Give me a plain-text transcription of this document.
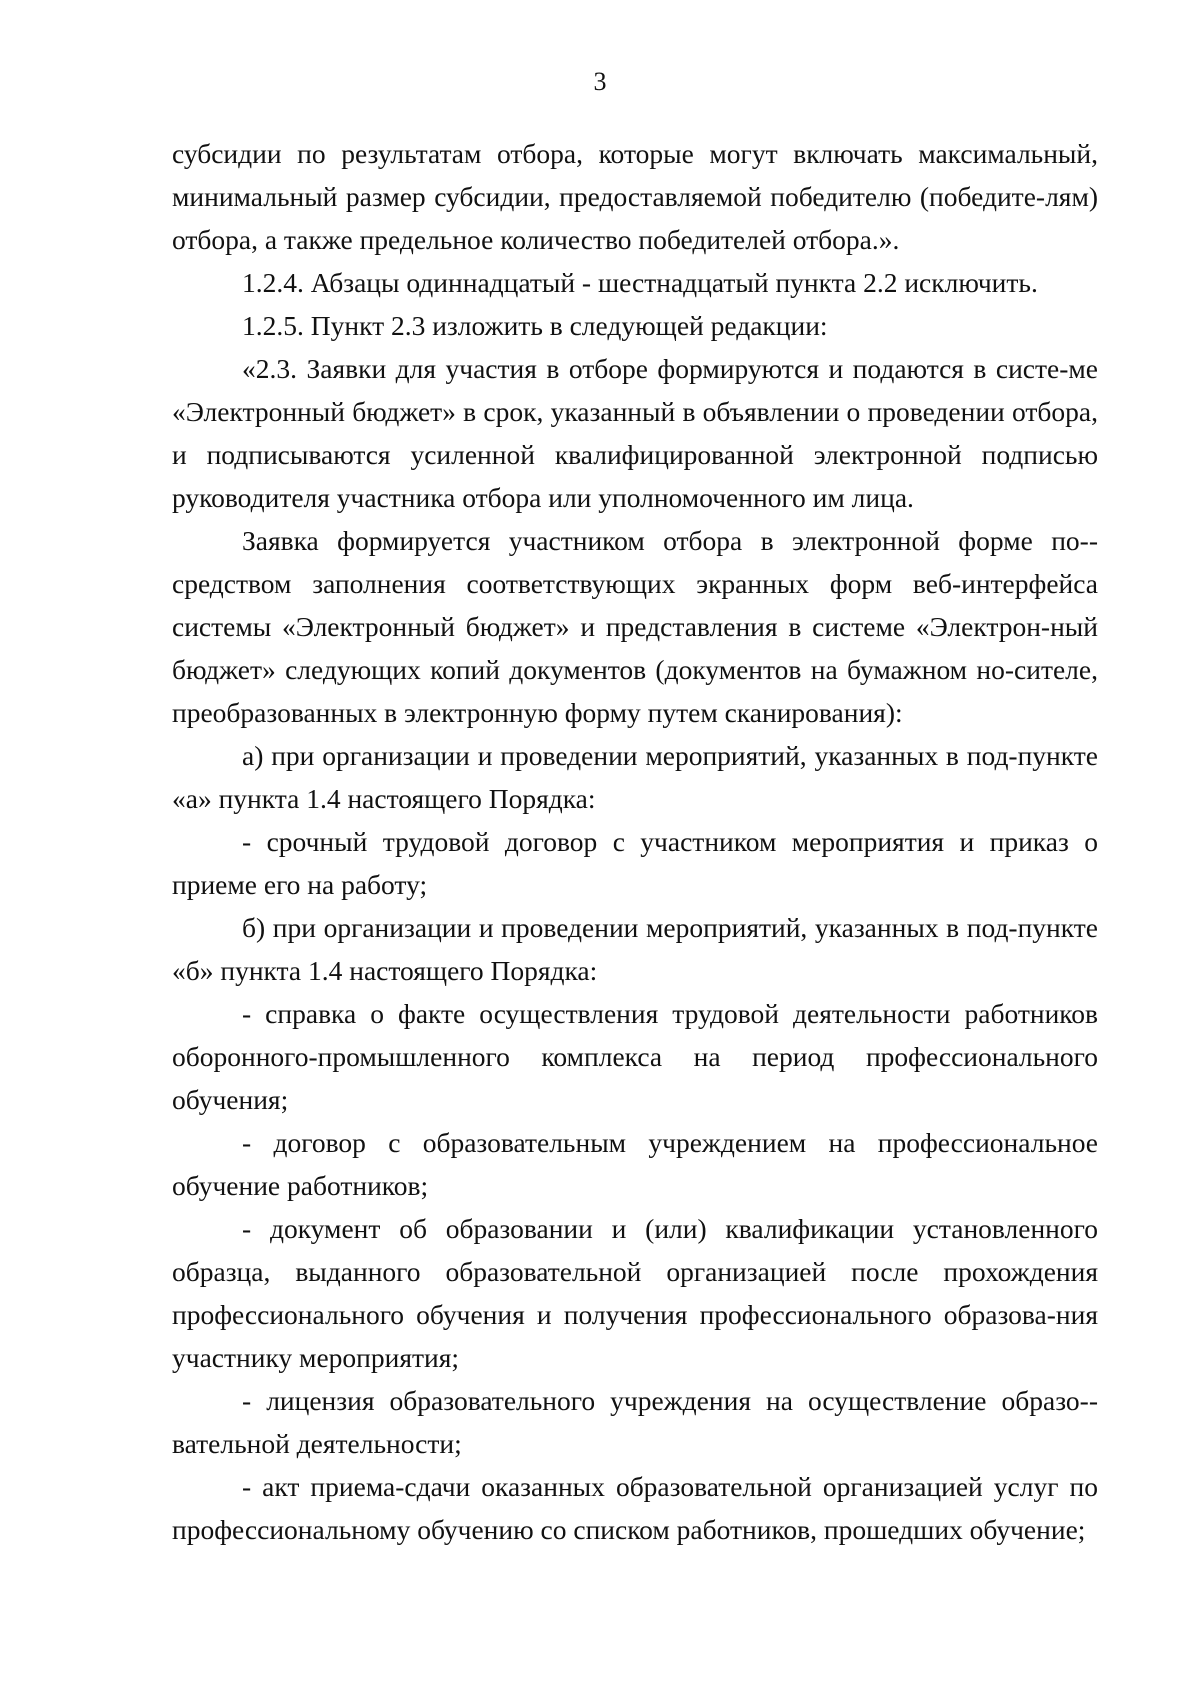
3

субсидии по результатам отбора, которые могут включать максимальный, минимальный размер субсидии, предоставляемой победителю (победите-лям) отбора, а также предельное количество победителей отбора.».

1.2.4. Абзацы одиннадцатый - шестнадцатый пункта 2.2 исключить.

1.2.5. Пункт 2.3 изложить в следующей редакции:

«2.3. Заявки для участия в отборе формируются и подаются в систе-ме «Электронный бюджет» в срок, указанный в объявлении о проведении отбора, и подписываются усиленной квалифицированной электронной подписью руководителя участника отбора или уполномоченного им лица.

Заявка формируется участником отбора в электронной форме по-средством заполнения соответствующих экранных форм веб-интерфейса системы «Электронный бюджет» и представления в системе «Электрон-ный бюджет» следующих копий документов (документов на бумажном но-сителе, преобразованных в электронную форму путем сканирования):

а) при организации и проведении мероприятий, указанных в под-пункте «а» пункта 1.4 настоящего Порядка:

- срочный трудовой договор с участником мероприятия и приказ о приеме его на работу;

б) при организации и проведении мероприятий, указанных в под-пункте «б» пункта 1.4 настоящего Порядка:

- справка о факте осуществления трудовой деятельности работников оборонного-промышленного комплекса на период профессионального обучения;

- договор с образовательным учреждением на профессиональное обучение работников;

- документ об образовании и (или) квалификации установленного образца, выданного образовательной организацией после прохождения профессионального обучения и получения профессионального образова-ния участнику мероприятия;

- лицензия образовательного учреждения на осуществление образо-вательной деятельности;

- акт приема-сдачи оказанных образовательной организацией услуг по профессиональному обучению со списком работников, прошедших обучение;
